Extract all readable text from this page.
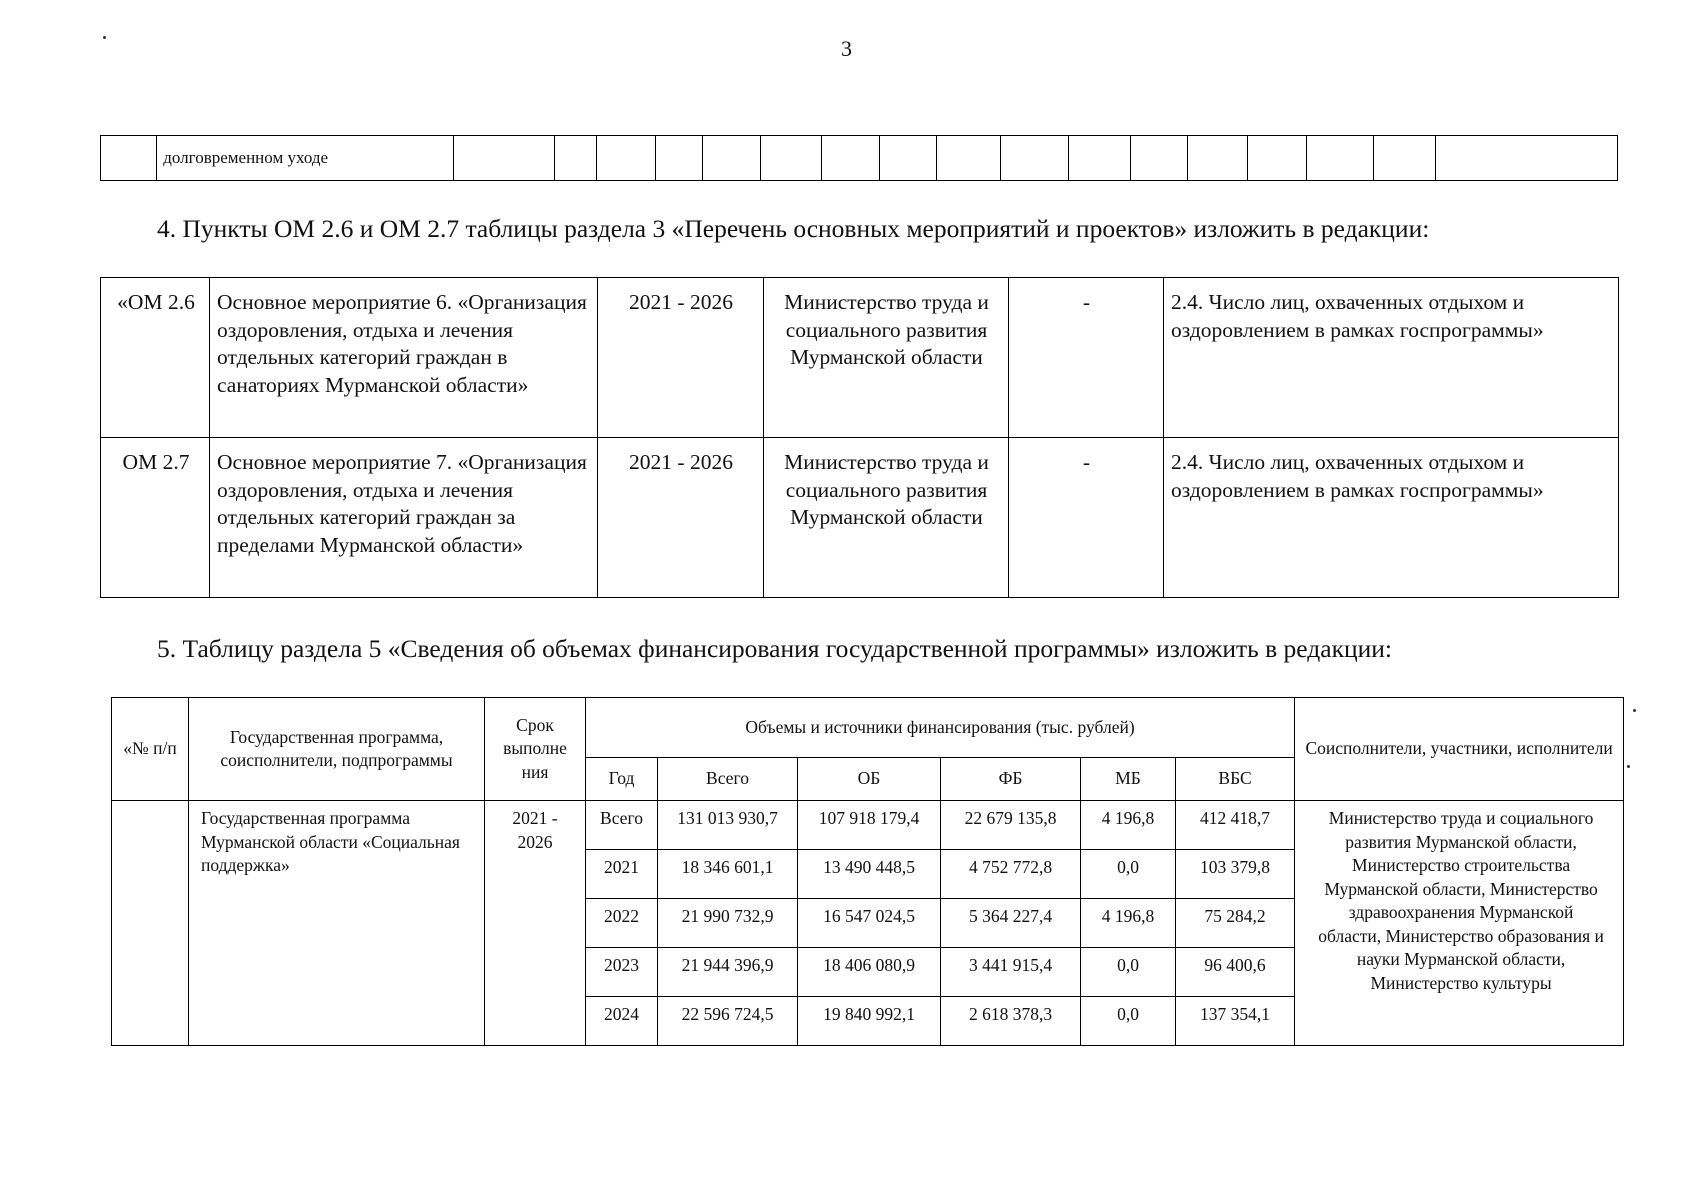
3
	долговременном уходе																	
4. Пункты ОМ 2.6 и ОМ 2.7 таблицы раздела 3 «Перечень основных мероприятий и проектов» изложить в редакции:
«ОМ 2.6	Основное мероприятие 6. «Организация оздоровления, отдыха и лечения отдельных категорий граждан в санаториях Мурманской области»	2021 - 2026	Министерство труда и социального развития Мурманской области	-	2.4. Число лиц, охваченных отдыхом и оздоровлением в рамках госпрограммы»
ОМ 2.7	Основное мероприятие 7. «Организация оздоровления, отдыха и лечения отдельных категорий граждан за пределами Мурманской области»	2021 - 2026	Министерство труда и социального развития Мурманской области	-	2.4. Число лиц, охваченных отдыхом и оздоровлением в рамках госпрограммы»
5. Таблицу раздела 5 «Сведения об объемах финансирования государственной программы» изложить в редакции:
«№ п/п	Государственная программа, соисполнители, подпрограммы	Срок выполне ния	Объемы и источники финансирования (тыс. рублей)						Соисполнители, участники, исполнители
			Год	Всего	ОБ	ФБ	МБ	ВБС	
	Государственная программа Мурманской области «Социальная поддержка»	2021 - 2026	Всего	131 013 930,7	107 918 179,4	22 679 135,8	4 196,8	412 418,7	Министерство труда и социального развития Мурманской области, Министерство строительства Мурманской области, Министерство здравоохранения Мурманской области, Министерство образования и науки Мурманской области, Министерство культуры
			2021	18 346 601,1	13 490 448,5	4 752 772,8	0,0	103 379,8	
			2022	21 990 732,9	16 547 024,5	5 364 227,4	4 196,8	75 284,2	
			2023	21 944 396,9	18 406 080,9	3 441 915,4	0,0	96 400,6	
			2024	22 596 724,5	19 840 992,1	2 618 378,3	0,0	137 354,1	
